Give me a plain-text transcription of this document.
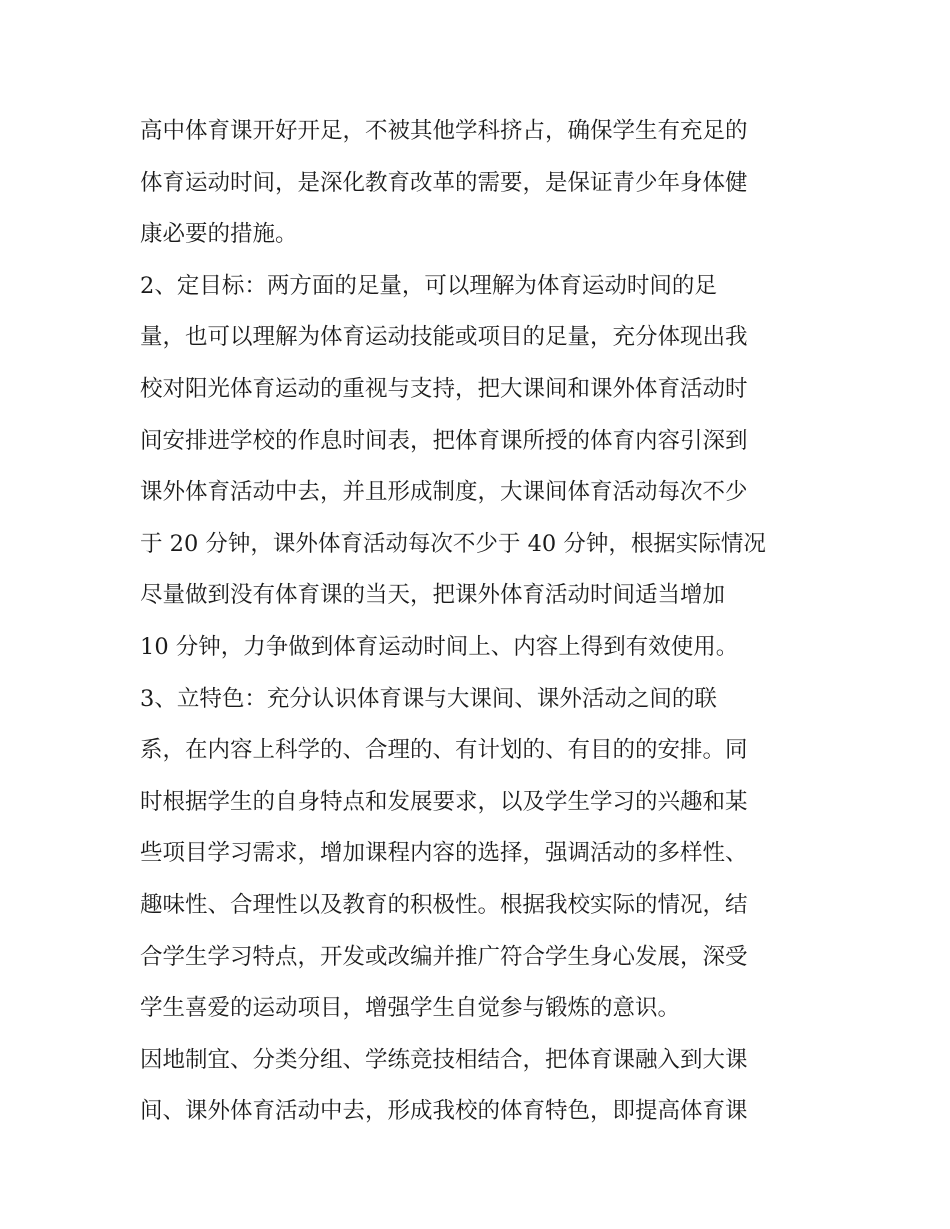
高中体育课开好开足，不被其他学科挤占，确保学生有充足的
体育运动时间，是深化教育改革的需要，是保证青少年身体健
康必要的措施。
2、定目标：两方面的足量，可以理解为体育运动时间的足
量，也可以理解为体育运动技能或项目的足量，充分体现出我
校对阳光体育运动的重视与支持，把大课间和课外体育活动时
间安排进学校的作息时间表，把体育课所授的体育内容引深到
课外体育活动中去，并且形成制度，大课间体育活动每次不少
于 20 分钟，课外体育活动每次不少于 40 分钟，根据实际情况
尽量做到没有体育课的当天，把课外体育活动时间适当增加
10 分钟，力争做到体育运动时间上、内容上得到有效使用。
3、立特色：充分认识体育课与大课间、课外活动之间的联
系，在内容上科学的、合理的、有计划的、有目的的安排。同
时根据学生的自身特点和发展要求，以及学生学习的兴趣和某
些项目学习需求，增加课程内容的选择，强调活动的多样性、
趣味性、合理性以及教育的积极性。根据我校实际的情况，结
合学生学习特点，开发或改编并推广符合学生身心发展，深受
学生喜爱的运动项目，增强学生自觉参与锻炼的意识。
因地制宜、分类分组、学练竞技相结合，把体育课融入到大课
间、课外体育活动中去，形成我校的体育特色，即提高体育课
